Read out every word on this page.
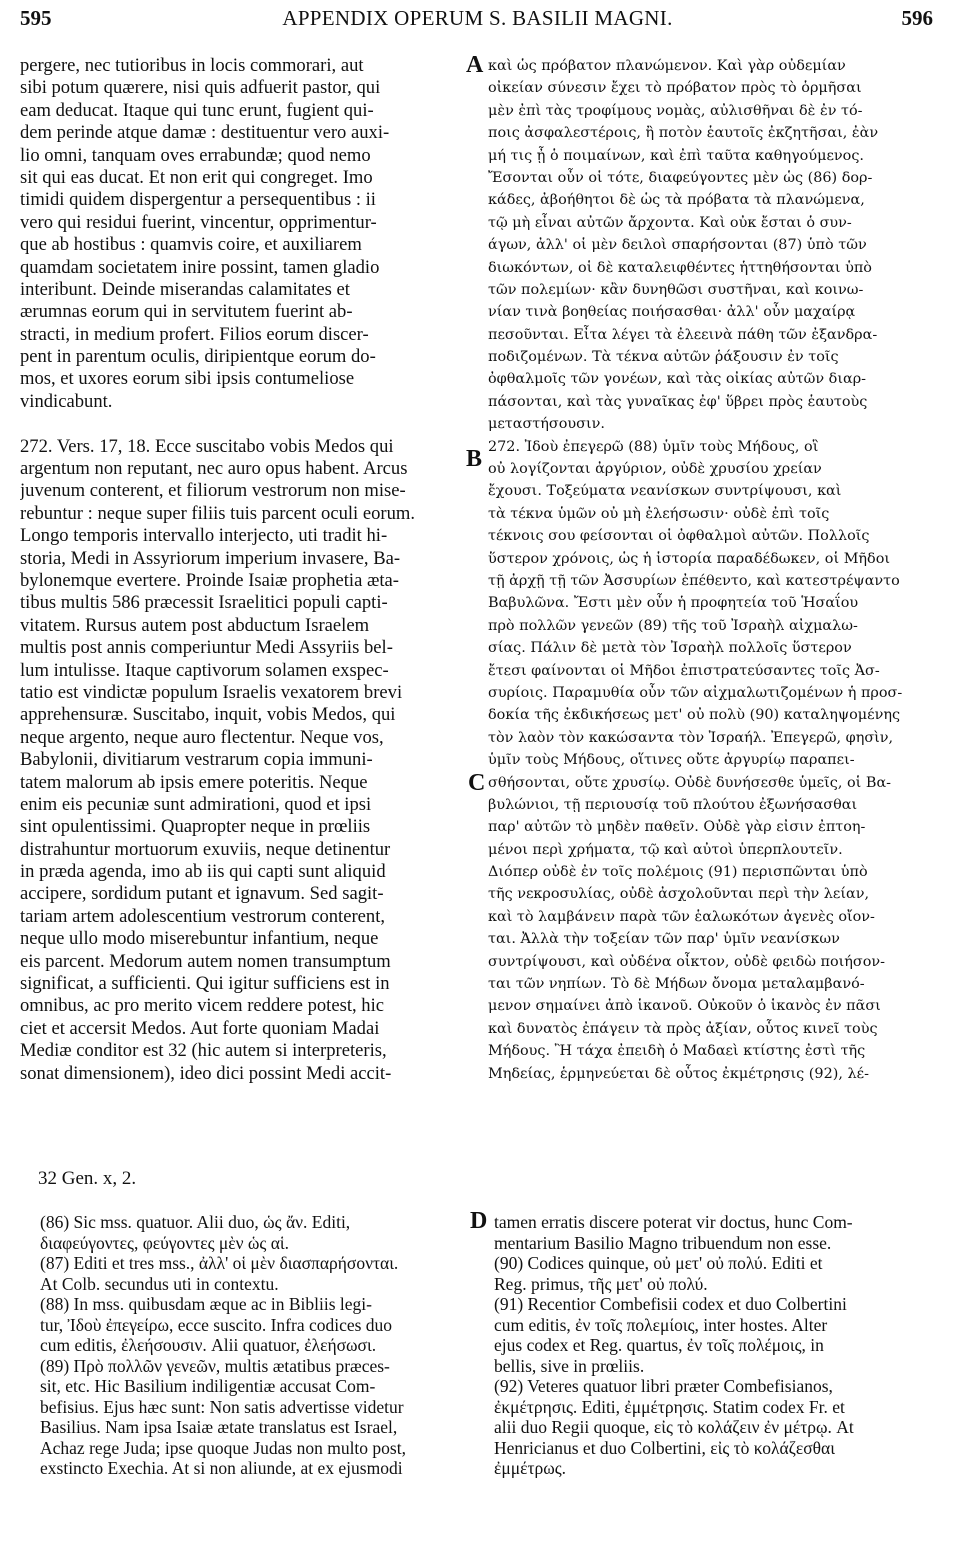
595	APPENDIX OPERUM S. BASILII MAGNI.	596
pergere, nec tutioribus in locis commorari, aut
sibi potum quærere, nisi quis adfuerit pastor, qui
eam deducat. Itaque qui tunc erunt, fugient qui-
dem perinde atque damæ : destituentur vero auxi-
lio omni, tanquam oves errabundæ; quod nemo
sit qui eas ducat. Et non erit qui congreget. Imo
timidi quidem dispergentur a persequentibus : ii
vero qui residui fuerint, vincentur, opprimentur-
que ab hostibus : quamvis coire, et auxiliarem
quamdam societatem inire possint, tamen gladio
interibunt. Deinde miserandas calamitates et
ærumnas eorum qui in servitutem fuerint ab-
stracti, in medium profert. Filios eorum discer-
pent in parentum oculis, diripientque eorum do-
mos, et uxores eorum sibi ipsis contumeliose
vindicabunt.
272. Vers. 17, 18. Ecce suscitabo vobis Medos qui
argentum non reputant, nec auro opus habent. Arcus
juvenum conterent, et filiorum vestrorum non mise-
rebuntur : neque super filiis tuis parcent oculi eorum.
Longo temporis intervallo interjecto, uti tradit hi-
storia, Medi in Assyriorum imperium invasere, Ba-
bylonemque evertere. Proinde Isaiæ prophetia æta-
tibus multis 586 præcessit Israelitici populi capti-
vitatem. Rursus autem post abductum Israelem
multis post annis comperiuntur Medi Assyriis bel-
lum intulisse. Itaque captivorum solamen exspec-
tatio est vindictæ populum Israelis vexatorem brevi
apprehensuræ. Suscitabo, inquit, vobis Medos, qui
neque argento, neque auro flectentur. Neque vos,
Babylonii, divitiarum vestrarum copia immuni-
tatem malorum ab ipsis emere poteritis. Neque
enim eis pecuniæ sunt admirationi, quod et ipsi
sint opulentissimi. Quapropter neque in prœliis
distrahuntur mortuorum exuviis, neque detinentur
in præda agenda, imo ab iis qui capti sunt aliquid
accipere, sordidum putant et ignavum. Sed sagit-
tariam artem adolescentium vestrorum conterent,
neque ullo modo miserebuntur infantium, neque
eis parcent. Medorum autem nomen transumptum
significat, a sufficienti. Qui igitur sufficiens est in
omnibus, ac pro merito vicem reddere potest, hic
ciet et accersit Medos. Aut forte quoniam Madai
Mediæ conditor est 32 (hic autem si interpreteris,
sonat dimensionem), ideo dici possint Medi accit-
καὶ ὡς πρόβατον πλανώμενον. Καὶ γὰρ οὐδεμίαν
οἰκείαν σύνεσιν ἔχει τὸ πρόβατον πρὸς τὸ ὁρμῆσαι
μὲν ἐπὶ τὰς τροφίμους νομὰς, αὐλισθῆναι δὲ ἐν τό-
ποις ἀσφαλεστέροις, ἢ ποτὸν ἑαυτοῖς ἐκζητῆσαι, ἐὰν
μή τις ᾖ ὁ ποιμαίνων, καὶ ἐπὶ ταῦτα καθηγούμενος.
Ἔσονται οὖν οἱ τότε, διαφεύγοντες μὲν ὡς (86) δορ-
κάδες, ἀβοήθητοι δὲ ὡς τὰ πρόβατα τὰ πλανώμενα,
τῷ μὴ εἶναι αὐτῶν ἄρχοντα. Καὶ οὐκ ἔσται ὁ συν-
άγων, ἀλλ' οἱ μὲν δειλοὶ σπαρήσονται (87) ὑπὸ τῶν
διωκόντων, οἱ δὲ καταλειφθέντες ἡττηθήσονται ὑπὸ
τῶν πολεμίων· κἂν δυνηθῶσι συστῆναι, καὶ κοινω-
νίαν τινὰ βοηθείας ποιήσασθαι· ἀλλ' οὖν μαχαίρᾳ
πεσοῦνται. Εἶτα λέγει τὰ ἐλεεινὰ πάθη τῶν ἐξανδρα-
ποδιζομένων. Τὰ τέκνα αὐτῶν ῥάξουσιν ἐν τοῖς
ὀφθαλμοῖς τῶν γονέων, καὶ τὰς οἰκίας αὐτῶν διαρ-
πάσονται, καὶ τὰς γυναῖκας ἐφ' ὕβρει πρὸς ἑαυτοὺς
μεταστήσουσιν.
272. Ἰδοὺ ἐπεγερῶ (88) ὑμῖν τοὺς Μήδους, οἳ
οὐ λογίζονται ἀργύριον, οὐδὲ χρυσίου χρείαν
ἔχουσι. Τοξεύματα νεανίσκων συντρίψουσι, καὶ
τὰ τέκνα ὑμῶν οὐ μὴ ἐλεήσωσιν· οὐδὲ ἐπὶ τοῖς
τέκνοις σου φείσονται οἱ ὀφθαλμοὶ αὐτῶν. Πολλοῖς
ὕστερον χρόνοις, ὡς ἡ ἱστορία παραδέδωκεν, οἱ Μῆδοι
τῇ ἀρχῇ τῇ τῶν Ἀσσυρίων ἐπέθεντο, καὶ κατεστρέψαντο
Βαβυλῶνα. Ἔστι μὲν οὖν ἡ προφητεία τοῦ Ἡσαΐου
πρὸ πολλῶν γενεῶν (89) τῆς τοῦ Ἰσραὴλ αἰχμαλω-
σίας. Πάλιν δὲ μετὰ τὸν Ἰσραὴλ πολλοῖς ὕστερον
ἔτεσι φαίνονται οἱ Μῆδοι ἐπιστρατεύσαντες τοῖς Ἀσ-
συρίοις. Παραμυθία οὖν τῶν αἰχμαλωτιζομένων ἡ προσ-
δοκία τῆς ἐκδικήσεως μετ' οὐ πολὺ (90) καταληψομένης
τὸν λαὸν τὸν κακώσαντα τὸν Ἰσραήλ. Ἐπεγερῶ, φησὶν,
ὑμῖν τοὺς Μήδους, οἵτινες οὔτε ἀργυρίῳ παραπει-
σθήσονται, οὔτε χρυσίῳ. Οὐδὲ δυνήσεσθε ὑμεῖς, οἱ Βα-
βυλώνιοι, τῇ περιουσίᾳ τοῦ πλούτου ἐξωνήσασθαι
παρ' αὐτῶν τὸ μηδὲν παθεῖν. Οὐδὲ γὰρ εἰσιν ἐπτοη-
μένοι περὶ χρήματα, τῷ καὶ αὐτοὶ ὑπερπλουτεῖν.
Διόπερ οὐδὲ ἐν τοῖς πολέμοις (91) περισπῶνται ὑπὸ
τῆς νεκροσυλίας, οὐδὲ ἀσχολοῦνται περὶ τὴν λείαν,
καὶ τὸ λαμβάνειν παρὰ τῶν ἑαλωκότων ἀγενὲς οἴον-
ται. Ἀλλὰ τὴν τοξείαν τῶν παρ' ὑμῖν νεανίσκων
συντρίψουσι, καὶ οὐδένα οἶκτον, οὐδὲ φειδὼ ποιήσον-
ται τῶν νηπίων. Τὸ δὲ Μήδων ὄνομα μεταλαμβανό-
μενον σημαίνει ἀπὸ ἱκανοῦ. Οὐκοῦν ὁ ἱκανὸς ἐν πᾶσι
καὶ δυνατὸς ἐπάγειν τὰ πρὸς ἀξίαν, οὗτος κινεῖ τοὺς
Μήδους. Ἢ τάχα ἐπειδὴ ὁ Μαδαεὶ κτίστης ἐστὶ τῆς
Μηδείας, ἑρμηνεύεται δὲ οὗτος ἐκμέτρησις (92), λέ-
A
B
C
D
32 Gen. x, 2.
(86) Sic mss. quatuor. Alii duo, ὡς ἄν. Editi,
διαφεύγοντες, φεύγοντες μὲν ὡς αἱ.
(87) Editi et tres mss., ἀλλ' οἱ μὲν διασπαρήσονται.
At Colb. secundus uti in contextu.
(88) In mss. quibusdam æque ac in Bibliis legi-
tur, Ἰδοὺ ἐπεγείρω, ecce suscito. Infra codices duo
cum editis, ἐλεήσουσιν. Alii quatuor, ἐλεήσωσι.
(89) Πρὸ πολλῶν γενεῶν, multis ætatibus præces-
sit, etc. Hic Basilium indiligentiæ accusat Com-
befisius. Ejus hæc sunt: Non satis advertisse videtur
Basilius. Nam ipsa Isaiæ ætate translatus est Israel,
Achaz rege Juda; ipse quoque Judas non multo post,
exstincto Exechia. At si non aliunde, at ex ejusmodi
tamen erratis discere poterat vir doctus, hunc Com-
mentarium Basilio Magno tribuendum non esse.
(90) Codices quinque, οὐ μετ' οὐ πολύ. Editi et
Reg. primus, τῆς μετ' οὐ πολύ.
(91) Recentior Combefisii codex et duo Colbertini
cum editis, ἐν τοῖς πολεμίοις, inter hostes. Alter
ejus codex et Reg. quartus, ἐν τοῖς πολέμοις, in
bellis, sive in prœliis.
(92) Veteres quatuor libri præter Combefisianos,
ἐκμέτρησις. Editi, ἐμμέτρησις. Statim codex Fr. et
alii duo Regii quoque, εἰς τὸ κολάζειν ἐν μέτρῳ. At
Henricianus et duo Colbertini, εἰς τὸ κολάζεσθαι
ἐμμέτρως.
